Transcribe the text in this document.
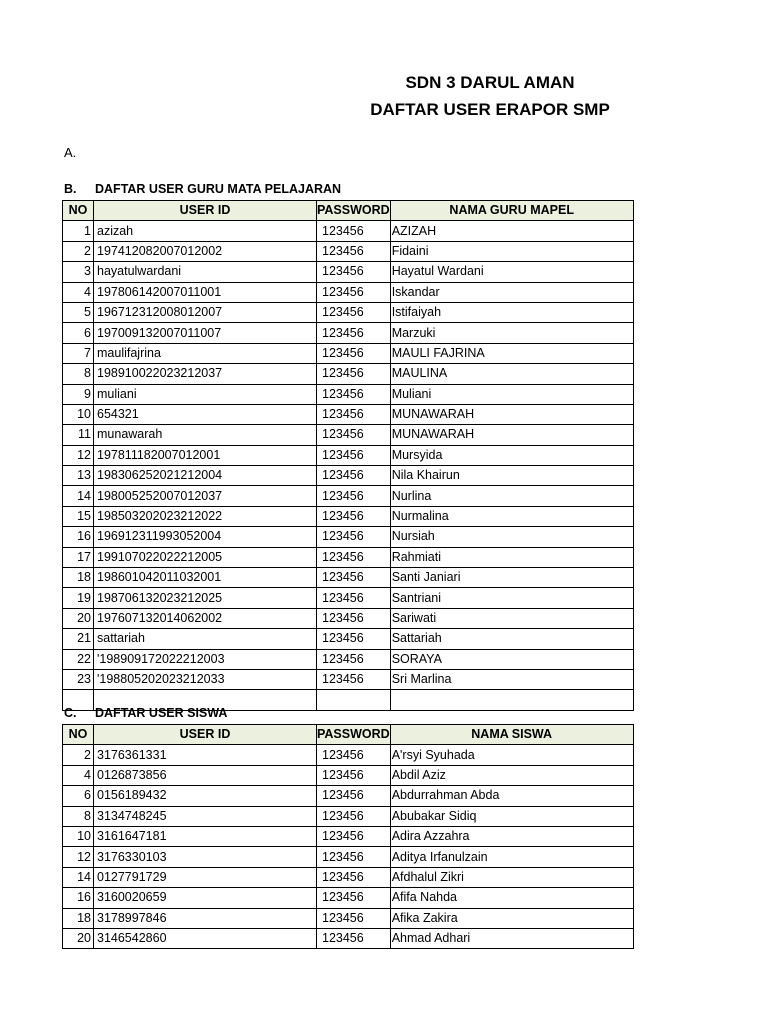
SDN 3 DARUL AMAN
DAFTAR USER ERAPOR SMP
A.
B. DAFTAR USER GURU MATA PELAJARAN
NO	USER ID	PASSWORD	NAMA GURU MAPEL
1	azizah	123456	AZIZAH
2	197412082007012002	123456	Fidaini
3	hayatulwardani	123456	Hayatul Wardani
4	197806142007011001	123456	Iskandar
5	196712312008012007	123456	Istifaiyah
6	197009132007011007	123456	Marzuki
7	maulifajrina	123456	MAULI FAJRINA
8	198910022023212037	123456	MAULINA
9	muliani	123456	Muliani
10	654321	123456	MUNAWARAH
11	munawarah	123456	MUNAWARAH
12	197811182007012001	123456	Mursyida
13	198306252021212004	123456	Nila Khairun
14	198005252007012037	123456	Nurlina
15	198503202023212022	123456	Nurmalina
16	196912311993052004	123456	Nursiah
17	199107022022212005	123456	Rahmiati
18	198601042011032001	123456	Santi Janiari
19	198706132023212025	123456	Santriani
20	197607132014062002	123456	Sariwati
21	sattariah	123456	Sattariah
22	'198909172022212003	123456	SORAYA
23	'198805202023212033	123456	Sri Marlina

C. DAFTAR USER SISWA
NO	USER ID	PASSWORD	NAMA SISWA
2	3176361331	123456	A'rsyi Syuhada
4	0126873856	123456	Abdil Aziz
6	0156189432	123456	Abdurrahman Abda
8	3134748245	123456	Abubakar Sidiq
10	3161647181	123456	Adira Azzahra
12	3176330103	123456	Aditya Irfanulzain
14	0127791729	123456	Afdhalul Zikri
16	3160020659	123456	Afifa Nahda
18	3178997846	123456	Afika Zakira
20	3146542860	123456	Ahmad Adhari
